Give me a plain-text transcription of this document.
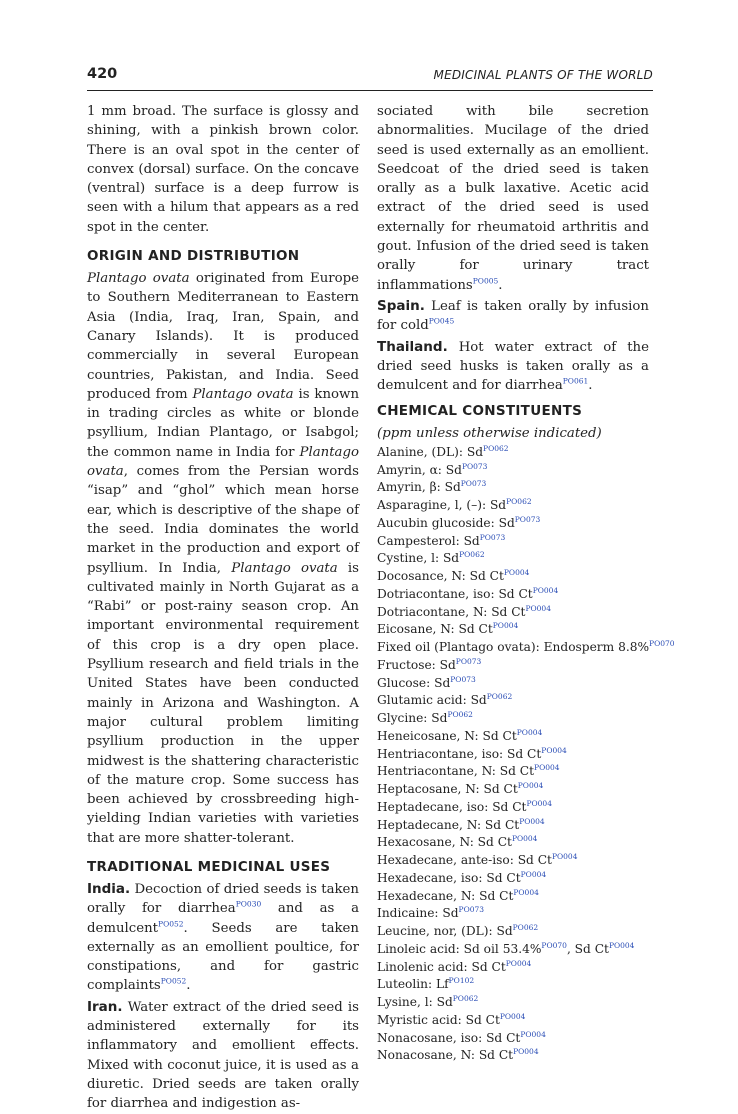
420	MEDICINAL PLANTS OF THE WORLD

1 mm broad. The surface is glossy and shining, with a pinkish brown color. There is an oval spot in the center of convex (dorsal) surface. On the concave (ventral) surface is a deep furrow is seen with a hilum that appears as a red spot in the center.

ORIGIN AND DISTRIBUTION

Plantago ovata originated from Europe to Southern Mediterranean to Eastern Asia (India, Iraq, Iran, Spain, and Canary Islands). It is produced commercially in several European countries, Pakistan, and India. Seed produced from Plantago ovata is known in trading circles as white or blonde psyllium, Indian Plantago, or Isabgol; the common name in India for Plantago ovata, comes from the Persian words “isap” and “ghol” which mean horse ear, which is descriptive of the shape of the seed. India dominates the world market in the production and export of psyllium. In India, Plantago ovata is cultivated mainly in North Gujarat as a “Rabi” or post-rainy season crop. An important environmental requirement of this crop is a dry open place. Psyllium research and field trials in the United States have been conducted mainly in Arizona and Washington. A major cultural problem limiting psyllium production in the upper midwest is the shattering characteristic of the mature crop. Some success has been achieved by crossbreeding high-yielding Indian varieties with varieties that are more shatter-tolerant.

TRADITIONAL MEDICINAL USES

India. Decoction of dried seeds is taken orally for diarrhea$^{PO030}$ and as a demulcent$^{PO052}$. Seeds are taken externally as an emollient poultice, for constipations, and for gastric complaints$^{PO052}$.

Iran. Water extract of the dried seed is administered externally for its inflammatory and emollient effects. Mixed with coconut juice, it is used as a diuretic. Dried seeds are taken orally for diarrhea and indigestion as-

sociated with bile secretion abnormalities. Mucilage of the dried seed is used externally as an emollient. Seedcoat of the dried seed is taken orally as a bulk laxative. Acetic acid extract of the dried seed is used externally for rheumatoid arthritis and gout. Infusion of the dried seed is taken orally for urinary tract inflammations$^{PO005}$.

Spain. Leaf is taken orally by infusion for cold$^{PO045}$

Thailand. Hot water extract of the dried seed husks is taken orally as a demulcent and for diarrhea$^{PO061}$.

CHEMICAL CONSTITUENTS

(ppm unless otherwise indicated)

Alanine, (DL): Sd$^{PO062}$
Amyrin, α: Sd$^{PO073}$
Amyrin, β: Sd$^{PO073}$
Asparagine, l, (–): Sd$^{PO062}$
Aucubin glucoside: Sd$^{PO073}$
Campesterol: Sd$^{PO073}$
Cystine, l: Sd$^{PO062}$
Docosance, N: Sd Ct$^{PO004}$
Dotriacontane, iso: Sd Ct$^{PO004}$
Dotriacontane, N: Sd Ct$^{PO004}$
Eicosane, N: Sd Ct$^{PO004}$
Fixed oil (Plantago ovata): Endosperm 8.8%$^{PO070}$
Fructose: Sd$^{PO073}$
Glucose: Sd$^{PO073}$
Glutamic acid: Sd$^{PO062}$
Glycine: Sd$^{PO062}$
Heneicosane, N: Sd Ct$^{PO004}$
Hentriacontane, iso: Sd Ct$^{PO004}$
Hentriacontane, N: Sd Ct$^{PO004}$
Heptacosane, N: Sd Ct$^{PO004}$
Heptadecane, iso: Sd Ct$^{PO004}$
Heptadecane, N: Sd Ct$^{PO004}$
Hexacosane, N: Sd Ct$^{PO004}$
Hexadecane, ante-iso: Sd Ct$^{PO004}$
Hexadecane, iso: Sd Ct$^{PO004}$
Hexadecane, N: Sd Ct$^{PO004}$
Indicaine: Sd$^{PO073}$
Leucine, nor, (DL): Sd$^{PO062}$
Linoleic acid: Sd oil 53.4%$^{PO070}$, Sd Ct$^{PO004}$
Linolenic acid: Sd Ct$^{PO004}$
Luteolin: Lf$^{PO102}$
Lysine, l: Sd$^{PO062}$
Myristic acid: Sd Ct$^{PO004}$
Nonacosane, iso: Sd Ct$^{PO004}$
Nonacosane, N: Sd Ct$^{PO004}$
